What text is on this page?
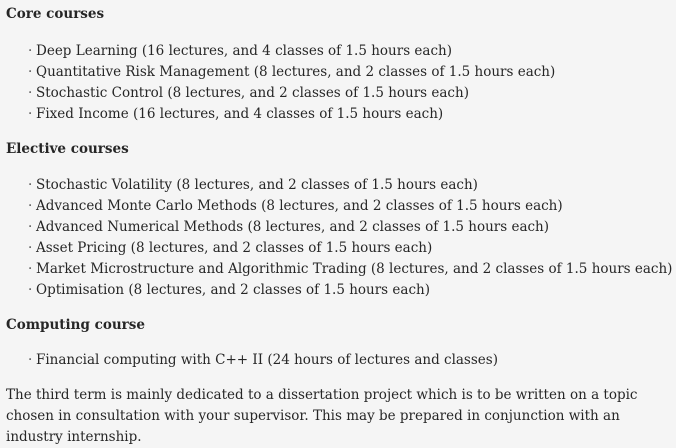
Core courses
· Deep Learning (16 lectures, and 4 classes of 1.5 hours each)
· Quantitative Risk Management (8 lectures, and 2 classes of 1.5 hours each)
· Stochastic Control (8 lectures, and 2 classes of 1.5 hours each)
· Fixed Income (16 lectures, and 4 classes of 1.5 hours each)
Elective courses
· Stochastic Volatility (8 lectures, and 2 classes of 1.5 hours each)
· Advanced Monte Carlo Methods (8 lectures, and 2 classes of 1.5 hours each)
· Advanced Numerical Methods (8 lectures, and 2 classes of 1.5 hours each)
· Asset Pricing (8 lectures, and 2 classes of 1.5 hours each)
· Market Microstructure and Algorithmic Trading (8 lectures, and 2 classes of 1.5 hours each)
· Optimisation (8 lectures, and 2 classes of 1.5 hours each)
Computing course
· Financial computing with C++ II (24 hours of lectures and classes)

The third term is mainly dedicated to a dissertation project which is to be written on a topic chosen in consultation with your supervisor. This may be prepared in conjunction with an industry internship.
